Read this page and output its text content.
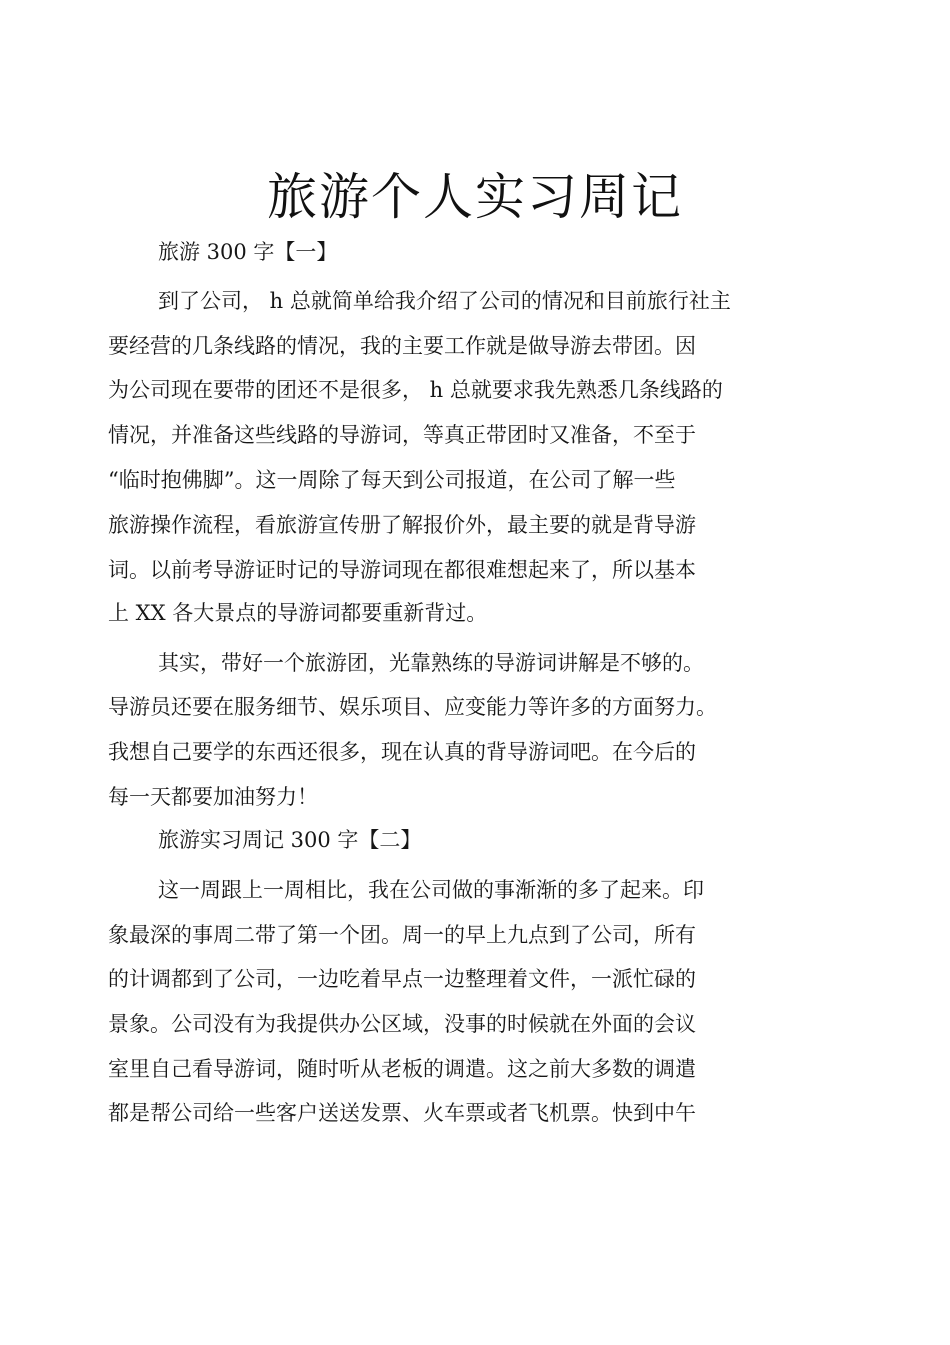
旅游个人实习周记
旅游 300 字【一】
到了公司， h 总就简单给我介绍了公司的情况和目前旅行社主
要经营的几条线路的情况，我的主要工作就是做导游去带团。因
为公司现在要带的团还不是很多， h 总就要求我先熟悉几条线路的
情况，并准备这些线路的导游词，等真正带团时又准备，不至于
“临时抱佛脚”。这一周除了每天到公司报道，在公司了解一些
旅游操作流程，看旅游宣传册了解报价外，最主要的就是背导游
词。以前考导游证时记的导游词现在都很难想起来了，所以基本
上 XX 各大景点的导游词都要重新背过。
其实，带好一个旅游团，光靠熟练的导游词讲解是不够的。
导游员还要在服务细节、娱乐项目、应变能力等许多的方面努力。
我想自己要学的东西还很多，现在认真的背导游词吧。在今后的
每一天都要加油努力！
旅游实习周记 300 字【二】
这一周跟上一周相比，我在公司做的事渐渐的多了起来。印
象最深的事周二带了第一个团。周一的早上九点到了公司，所有
的计调都到了公司，一边吃着早点一边整理着文件，一派忙碌的
景象。公司没有为我提供办公区域，没事的时候就在外面的会议
室里自己看导游词，随时听从老板的调遣。这之前大多数的调遣
都是帮公司给一些客户送送发票、火车票或者飞机票。快到中午
